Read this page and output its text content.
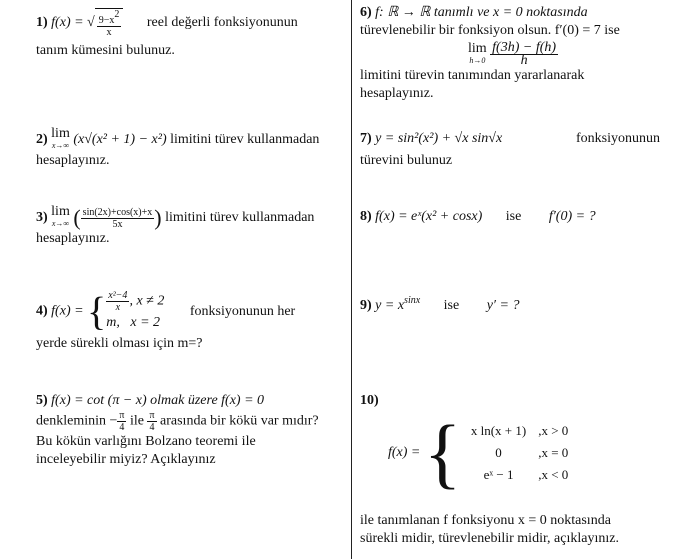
1) f(x) = √ $\frac{9-x2}{x}$ reel değerli fonksiyonunun
tanım kümesini bulunuz.
6) f: ℝ → ℝ tanımlı ve x = 0 noktasında
türevlenebilir bir fonksiyon olsun. f′(0) = 7 ise
lim
h→0
$\frac{f(3h) - f(h)}{h}$
limitini türevin tanımından yararlanarak
hesaplayınız.
2) lim
x→∞ (x√(x² + 1) − x²) limitini türev kullanmadan
hesaplayınız.
7) y = sin²(x²) + √x sin√x	fonksiyonunun
türevini bulunuz
3) lim
x→∞ ( $\frac{\sin(2x)+\cos(x)+x}{5x}$ ) limitini türev kullanmadan
hesaplayınız.
8) f(x) = eˣ(x² + cosx) ise f′(0) = ?
4) f(x) = { $\frac{\text{x²−4}}{x}$ , x ≠ 2
m, x = 2
fonksiyonunun her
yerde sürekli olması için m=?
9) $y = x^{sinx}$ ise y′ = ?
5) f(x) = cot (π − x) olmak üzere f(x) = 0
denkleminin − $\frac{\pi}{4}$ ile $\frac{\pi}{4}$ arasında bir kökü var mıdır?
Bu kökün varlığını Bolzano teoremi ile
inceleyebilir miyiz? Açıklayınız
10)
f(x) = { x ln(x + 1)	,x > 0
0	,x = 0
eˣ − 1	,x < 0
ile tanımlanan f fonksiyonu x = 0 noktasında
sürekli midir, türevlenebilir midir, açıklayınız.
